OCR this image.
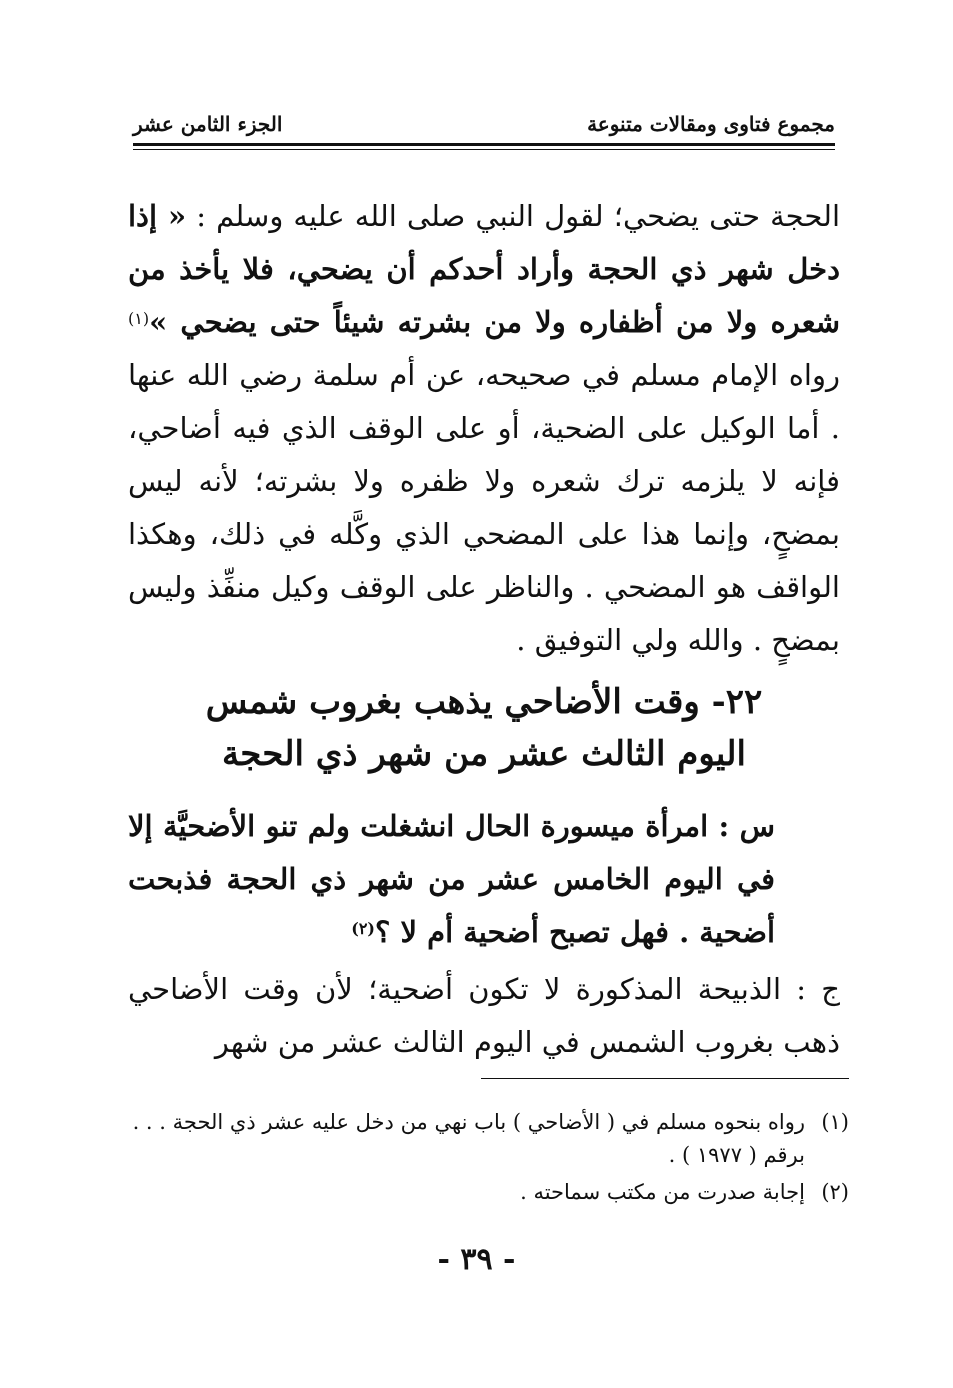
مجموع فتاوى ومقالات متنوعة
الجزء الثامن عشر

الحجة حتى يضحي؛ لقول النبي صلى الله عليه وسلم : « إذا دخل شهر ذي الحجة وأراد أحدكم أن يضحي، فلا يأخذ من شعره ولا من أظفاره ولا من بشرته شيئاً حتى يضحي »$^{(١)}$ رواه الإمام مسلم في صحيحه، عن أم سلمة رضي الله عنها . أما الوكيل على الضحية، أو على الوقف الذي فيه أضاحي، فإنه لا يلزمه ترك شعره ولا ظفره ولا بشرته؛ لأنه ليس بمضحٍ، وإنما هذا على المضحي الذي وكَّله في ذلك، وهكذا الواقف هو المضحي . والناظر على الوقف وكيل منفِّذ وليس بمضحٍ . والله ولي التوفيق .

٢٢- وقت الأضاحي يذهب بغروب شمس
اليوم الثالث عشر من شهر ذي الحجة

س : امرأة ميسورة الحال انشغلت ولم تنو الأضحيَّة إلا في اليوم الخامس عشر من شهر ذي الحجة فذبحت أضحية . فهل تصبح أضحية أم لا ؟$^{(٢)}$

ج : الذبيحة المذكورة لا تكون أضحية؛ لأن وقت الأضاحي ذهب بغروب الشمس في اليوم الثالث عشر من شهر

(١)
رواه بنحوه مسلم في ( الأضاحي ) باب نهي من دخل عليه عشر ذي الحجة . . . برقم ( ١٩٧٧ ) .
(٢)
إجابة صدرت من مكتب سماحته .
- ٣٩ -
